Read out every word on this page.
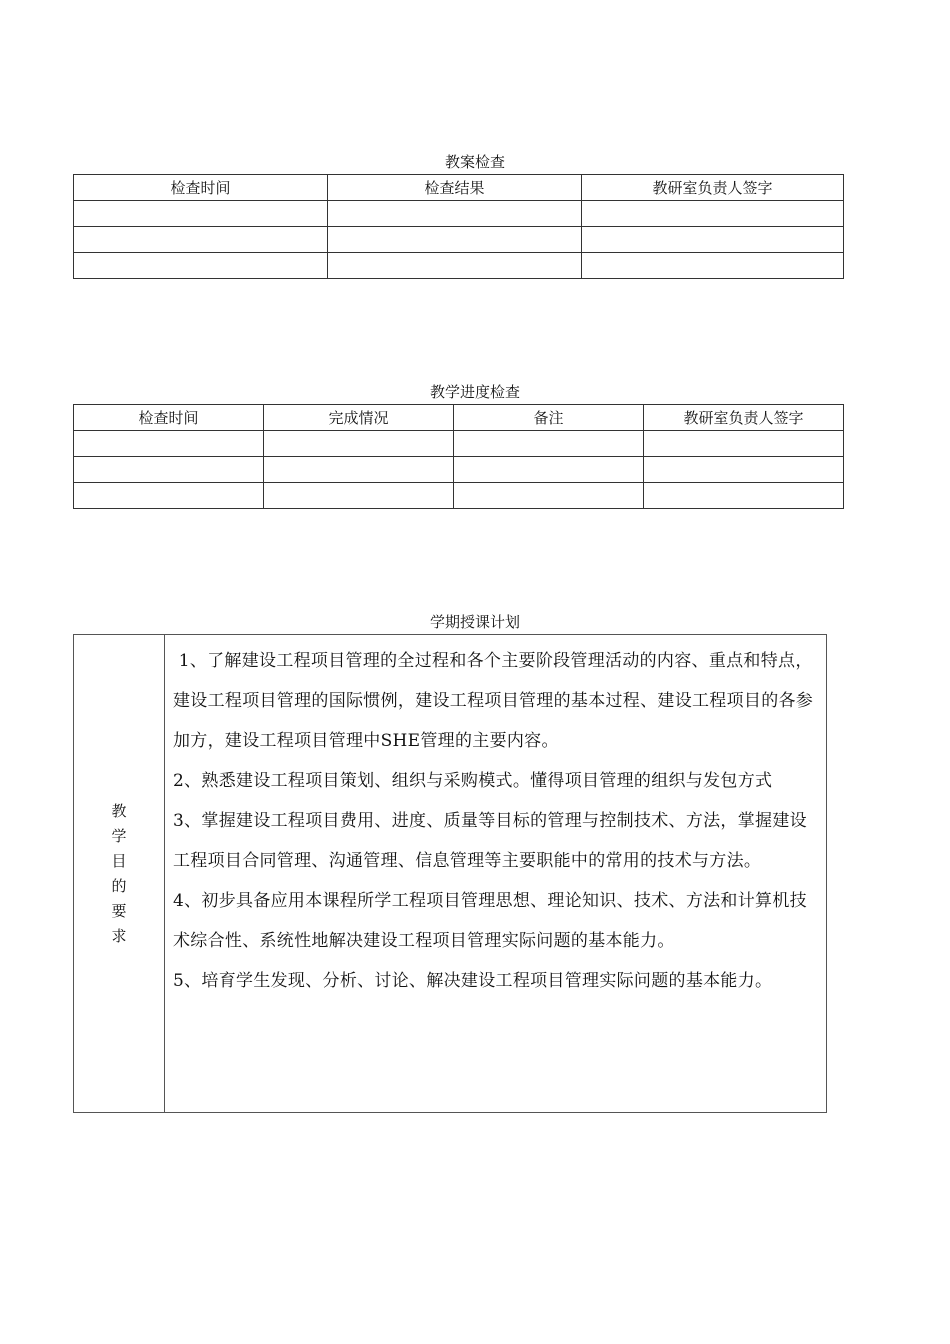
教案检查
检查时间	检查结果	教研室负责人签字

教学进度检查
检查时间	完成情况	备注	教研室负责人签字

学期授课计划
教
学
目
的
要
求

1、了解建设工程项目管理的全过程和各个主要阶段管理活动的内容、重点和特点，建设工程项目管理的国际惯例，建设工程项目管理的基本过程、建设工程项目的各参加方，建设工程项目管理中SHE管理的主要内容。

2、熟悉建设工程项目策划、组织与采购模式。懂得项目管理的组织与发包方式

3、掌握建设工程项目费用、进度、质量等目标的管理与控制技术、方法，掌握建设工程项目合同管理、沟通管理、信息管理等主要职能中的常用的技术与方法。

4、初步具备应用本课程所学工程项目管理思想、理论知识、技术、方法和计算机技术综合性、系统性地解决建设工程项目管理实际问题的基本能力。

5、培育学生发现、分析、讨论、解决建设工程项目管理实际问题的基本能力。
